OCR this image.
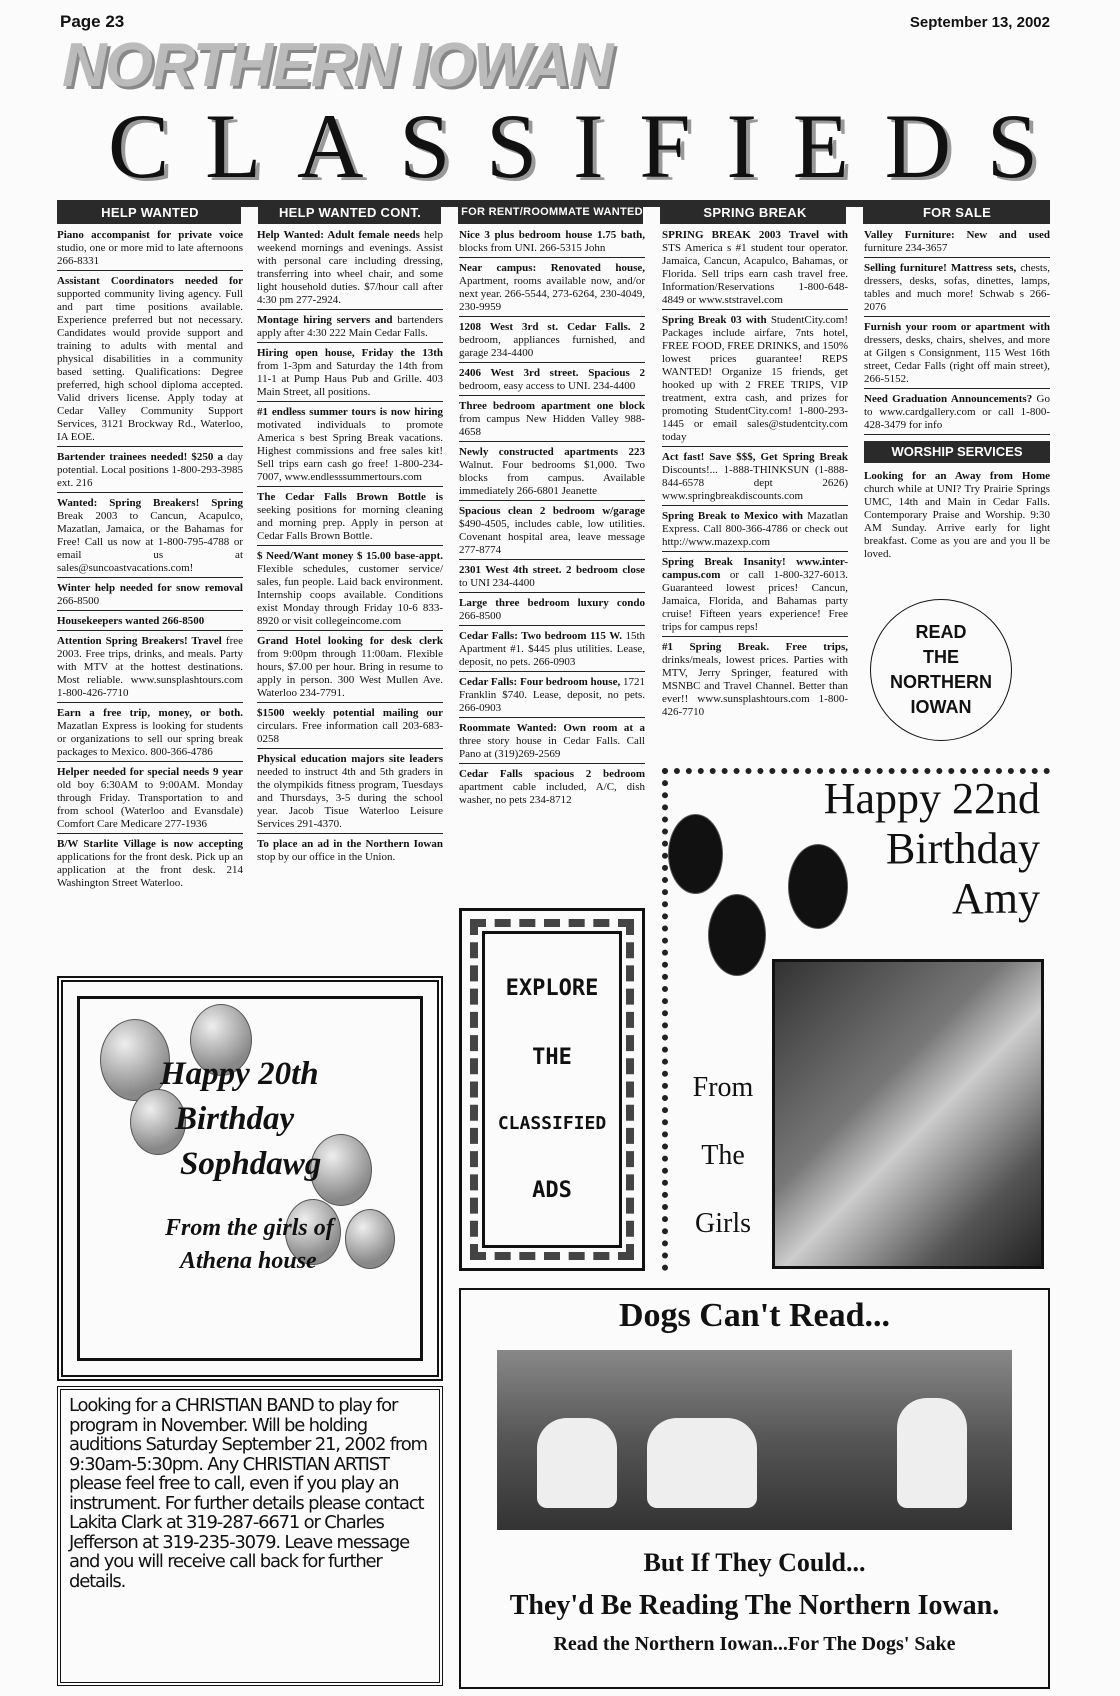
Page 23	September 13, 2002
NORTHERN IOWAN
C L A S S I F I E D S
HELP WANTED	HELP WANTED CONT.	FOR RENT/ROOMMATE WANTED	SPRING BREAK	FOR SALE
Piano accompanist for private voice studio, one or more mid to late afternoons 266-8331
Assistant Coordinators needed for supported community living agency. Full and part time positions available. Experience preferred but not necessary. Candidates would provide support and training to adults with mental and physical disabilities in a community based setting. Qualifications: Degree preferred, high school diploma accepted. Valid drivers license. Apply today at Cedar Valley Community Support Services, 3121 Brockway Rd., Waterloo, IA EOE.
Bartender trainees needed! $250 a day potential. Local positions 1-800-293-3985 ext. 216
Wanted: Spring Breakers! Spring Break 2003 to Cancun, Acapulco, Mazatlan, Jamaica, or the Bahamas for Free! Call us now at 1-800-795-4788 or email us at sales@suncoastvacations.com!
Winter help needed for snow removal 266-8500
Housekeepers wanted 266-8500
Attention Spring Breakers! Travel free 2003. Free trips, drinks, and meals. Party with MTV at the hottest destinations. Most reliable. www.sunsplashtours.com 1-800-426-7710
Earn a free trip, money, or both. Mazatlan Express is looking for students or organizations to sell our spring break packages to Mexico. 800-366-4786
Helper needed for special needs 9 year old boy 6:30AM to 9:00AM. Monday through Friday. Transportation to and from school (Waterloo and Evansdale) Comfort Care Medicare 277-1936
B/W Starlite Village is now accepting applications for the front desk. Pick up an application at the front desk. 214 Washington Street Waterloo.
Help Wanted: Adult female needs help weekend mornings and evenings. Assist with personal care including dressing, transferring into wheel chair, and some light household duties. $7/hour call after 4:30 pm 277-2924.
Montage hiring servers and bartenders apply after 4:30 222 Main Cedar Falls.
Hiring open house, Friday the 13th from 1-3pm and Saturday the 14th from 11-1 at Pump Haus Pub and Grille. 403 Main Street, all positions.
#1 endless summer tours is now hiring motivated individuals to promote America s best Spring Break vacations. Highest commissions and free sales kit! Sell trips earn cash go free! 1-800-234-7007, www.endlesssummertours.com
The Cedar Falls Brown Bottle is seeking positions for morning cleaning and morning prep. Apply in person at Cedar Falls Brown Bottle.
$ Need/Want money $ 15.00 base-appt. Flexible schedules, customer service/ sales, fun people. Laid back environment. Internship coops available. Conditions exist Monday through Friday 10-6 833-8920 or visit collegeincome.com
Grand Hotel looking for desk clerk from 9:00pm through 11:00am. Flexible hours, $7.00 per hour. Bring in resume to apply in person. 300 West Mullen Ave. Waterloo 234-7791.
$1500 weekly potential mailing our circulars. Free information call 203-683-0258
Physical education majors site leaders needed to instruct 4th and 5th graders in the olympikids fitness program, Tuesdays and Thursdays, 3-5 during the school year. Jacob Tisue Waterloo Leisure Services 291-4370.
To place an ad in the Northern Iowan stop by our office in the Union.
Nice 3 plus bedroom house 1.75 bath, blocks from UNI. 266-5315 John
Near campus: Renovated house, Apartment, rooms available now, and/or next year. 266-5544, 273-6264, 230-4049, 230-9959
1208 West 3rd st. Cedar Falls. 2 bedroom, appliances furnished, and garage 234-4400
2406 West 3rd street. Spacious 2 bedroom, easy access to UNI. 234-4400
Three bedroom apartment one block from campus New Hidden Valley 988-4658
Newly constructed apartments 223 Walnut. Four bedrooms $1,000. Two blocks from campus. Available immediately 266-6801 Jeanette
Spacious clean 2 bedroom w/garage $490-4505, includes cable, low utilities. Covenant hospital area, leave message 277-8774
2301 West 4th street. 2 bedroom close to UNI 234-4400
Large three bedroom luxury condo 266-8500
Cedar Falls: Two bedroom 115 W. 15th Apartment #1. $445 plus utilities. Lease, deposit, no pets. 266-0903
Cedar Falls: Four bedroom house, 1721 Franklin $740. Lease, deposit, no pets. 266-0903
Roommate Wanted: Own room at a three story house in Cedar Falls. Call Pano at (319)269-2569
Cedar Falls spacious 2 bedroom apartment cable included, A/C, dish washer, no pets 234-8712
SPRING BREAK 2003 Travel with STS America s #1 student tour operator. Jamaica, Cancun, Acapulco, Bahamas, or Florida. Sell trips earn cash travel free. Information/Reservations 1-800-648-4849 or www.ststravel.com
Spring Break 03 with StudentCity.com! Packages include airfare, 7nts hotel, FREE FOOD, FREE DRINKS, and 150% lowest prices guarantee! REPS WANTED! Organize 15 friends, get hooked up with 2 FREE TRIPS, VIP treatment, extra cash, and prizes for promoting StudentCity.com! 1-800-293-1445 or email sales@studentcity.com today
Act fast! Save $$$, Get Spring Break Discounts!... 1-888-THINKSUN (1-888-844-6578 dept 2626) www.springbreakdiscounts.com
Spring Break to Mexico with Mazatlan Express. Call 800-366-4786 or check out http://www.mazexp.com
Spring Break Insanity! www.inter-campus.com or call 1-800-327-6013. Guaranteed lowest prices! Cancun, Jamaica, Florida, and Bahamas party cruise! Fifteen years experience! Free trips for campus reps!
#1 Spring Break. Free trips, drinks/meals, lowest prices. Parties with MTV, Jerry Springer, featured with MSNBC and Travel Channel. Better than ever!! www.sunsplashtours.com 1-800-426-7710
Valley Furniture: New and used furniture 234-3657
Selling furniture! Mattress sets, chests, dressers, desks, sofas, dinettes, lamps, tables and much more! Schwab s 266-2076
Furnish your room or apartment with dressers, desks, chairs, shelves, and more at Gilgen s Consignment, 115 West 16th street, Cedar Falls (right off main street), 266-5152.
Need Graduation Announcements? Go to www.cardgallery.com or call 1-800-428-3479 for info
WORSHIP SERVICES
Looking for an Away from Home church while at UNI? Try Prairie Springs UMC, 14th and Main in Cedar Falls. Contemporary Praise and Worship. 9:30 AM Sunday. Arrive early for light breakfast. Come as you are and you ll be loved.
READ
THE
NORTHERN
IOWAN
Happy 20th
Birthday
Sophdawg
From the girls of
Athena house

Looking for a CHRISTIAN BAND to play for program in November. Will be holding auditions Saturday September 21, 2002 from 9:30am-5:30pm. Any CHRISTIAN ARTIST please feel free to call, even if you play an instrument. For further details please contact Lakita Clark at 319-287-6671 or Charles Jefferson at 319-235-3079. Leave message and you will receive call back for further details.

EXPLORE
THE
CLASSIFIED
ADS
Happy 22nd
Birthday
Amy
From
The
Girls
Dogs Can't Read...
But If They Could...
They'd Be Reading The Northern Iowan.
Read the Northern Iowan...For The Dogs' Sake
